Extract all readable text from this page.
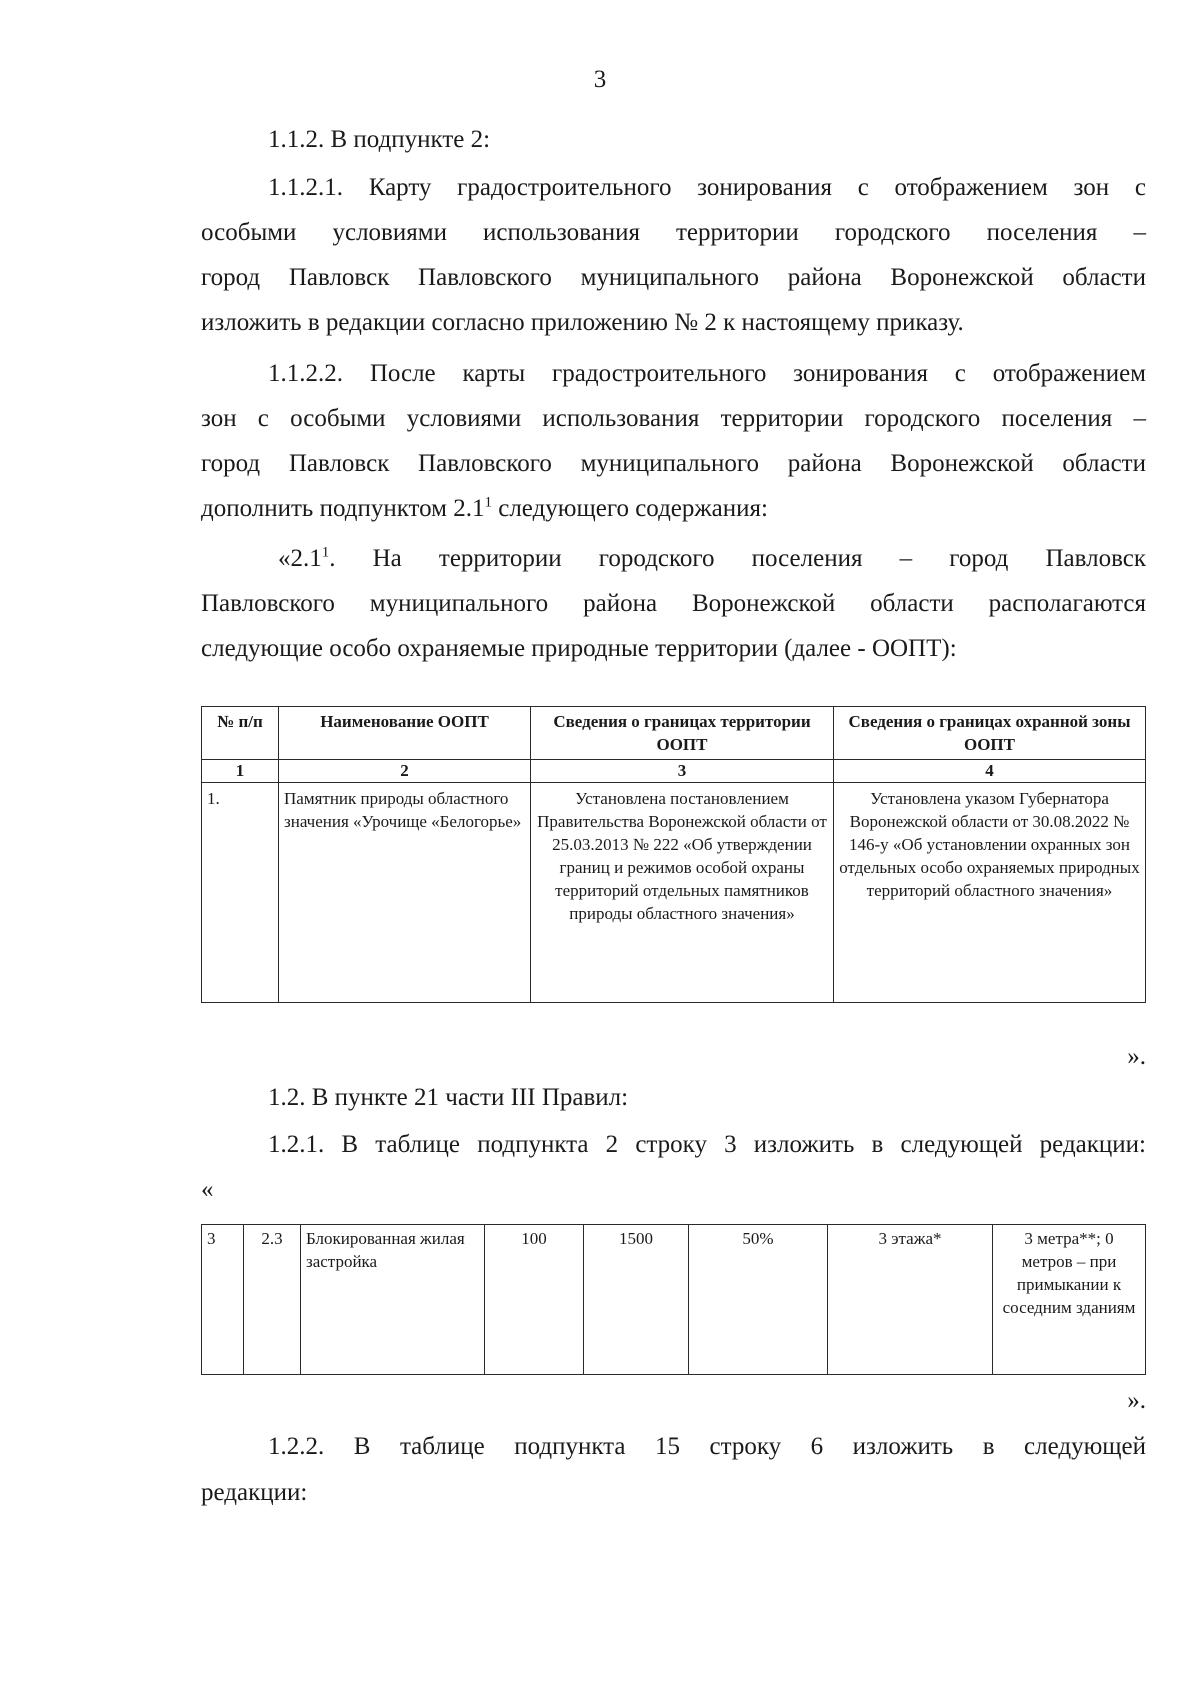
3
1.1.2. В подпункте 2:
1.1.2.1. Карту градостроительного зонирования с отображением зон с
особыми условиями использования территории городского поселения –
город Павловск Павловского муниципального района Воронежской области
изложить в редакции согласно приложению № 2 к настоящему приказу.
1.1.2.2. После карты градостроительного зонирования с отображением
зон с особыми условиями использования территории городского поселения –
город Павловск Павловского муниципального района Воронежской области
дополнить подпунктом $2.1^1$ следующего содержания:
«$2.1^1$. На территории городского поселения – город Павловск
Павловского муниципального района Воронежской области располагаются
следующие особо охраняемые природные территории (далее - ООПТ):
№ п/п	Наименование ООПТ	Сведения о границах территории ООПТ	Сведения о границах охранной зоны ООПТ
1	2	3	4
1.	Памятник природы областного значения «Урочище «Белогорье»	Установлена постановлением Правительства Воронежской области от 25.03.2013 № 222 «Об утверждении границ и режимов особой охраны территорий отдельных памятников природы областного значения»	Установлена указом Губернатора Воронежской области от 30.08.2022 № 146-у «Об установлении охранных зон отдельных особо охраняемых природных территорий областного значения»
».
1.2. В пункте 21 части III Правил:
1.2.1. В таблице подпункта 2 строку 3 изложить в следующей редакции:
«
3	2.3	Блокированная жилая застройка	100	1500	50%	3 этажа*	3 метра**; 0 метров – при примыкании к соседним зданиям
».
1.2.2. В таблице подпункта 15 строку 6 изложить в следующей
редакции:
